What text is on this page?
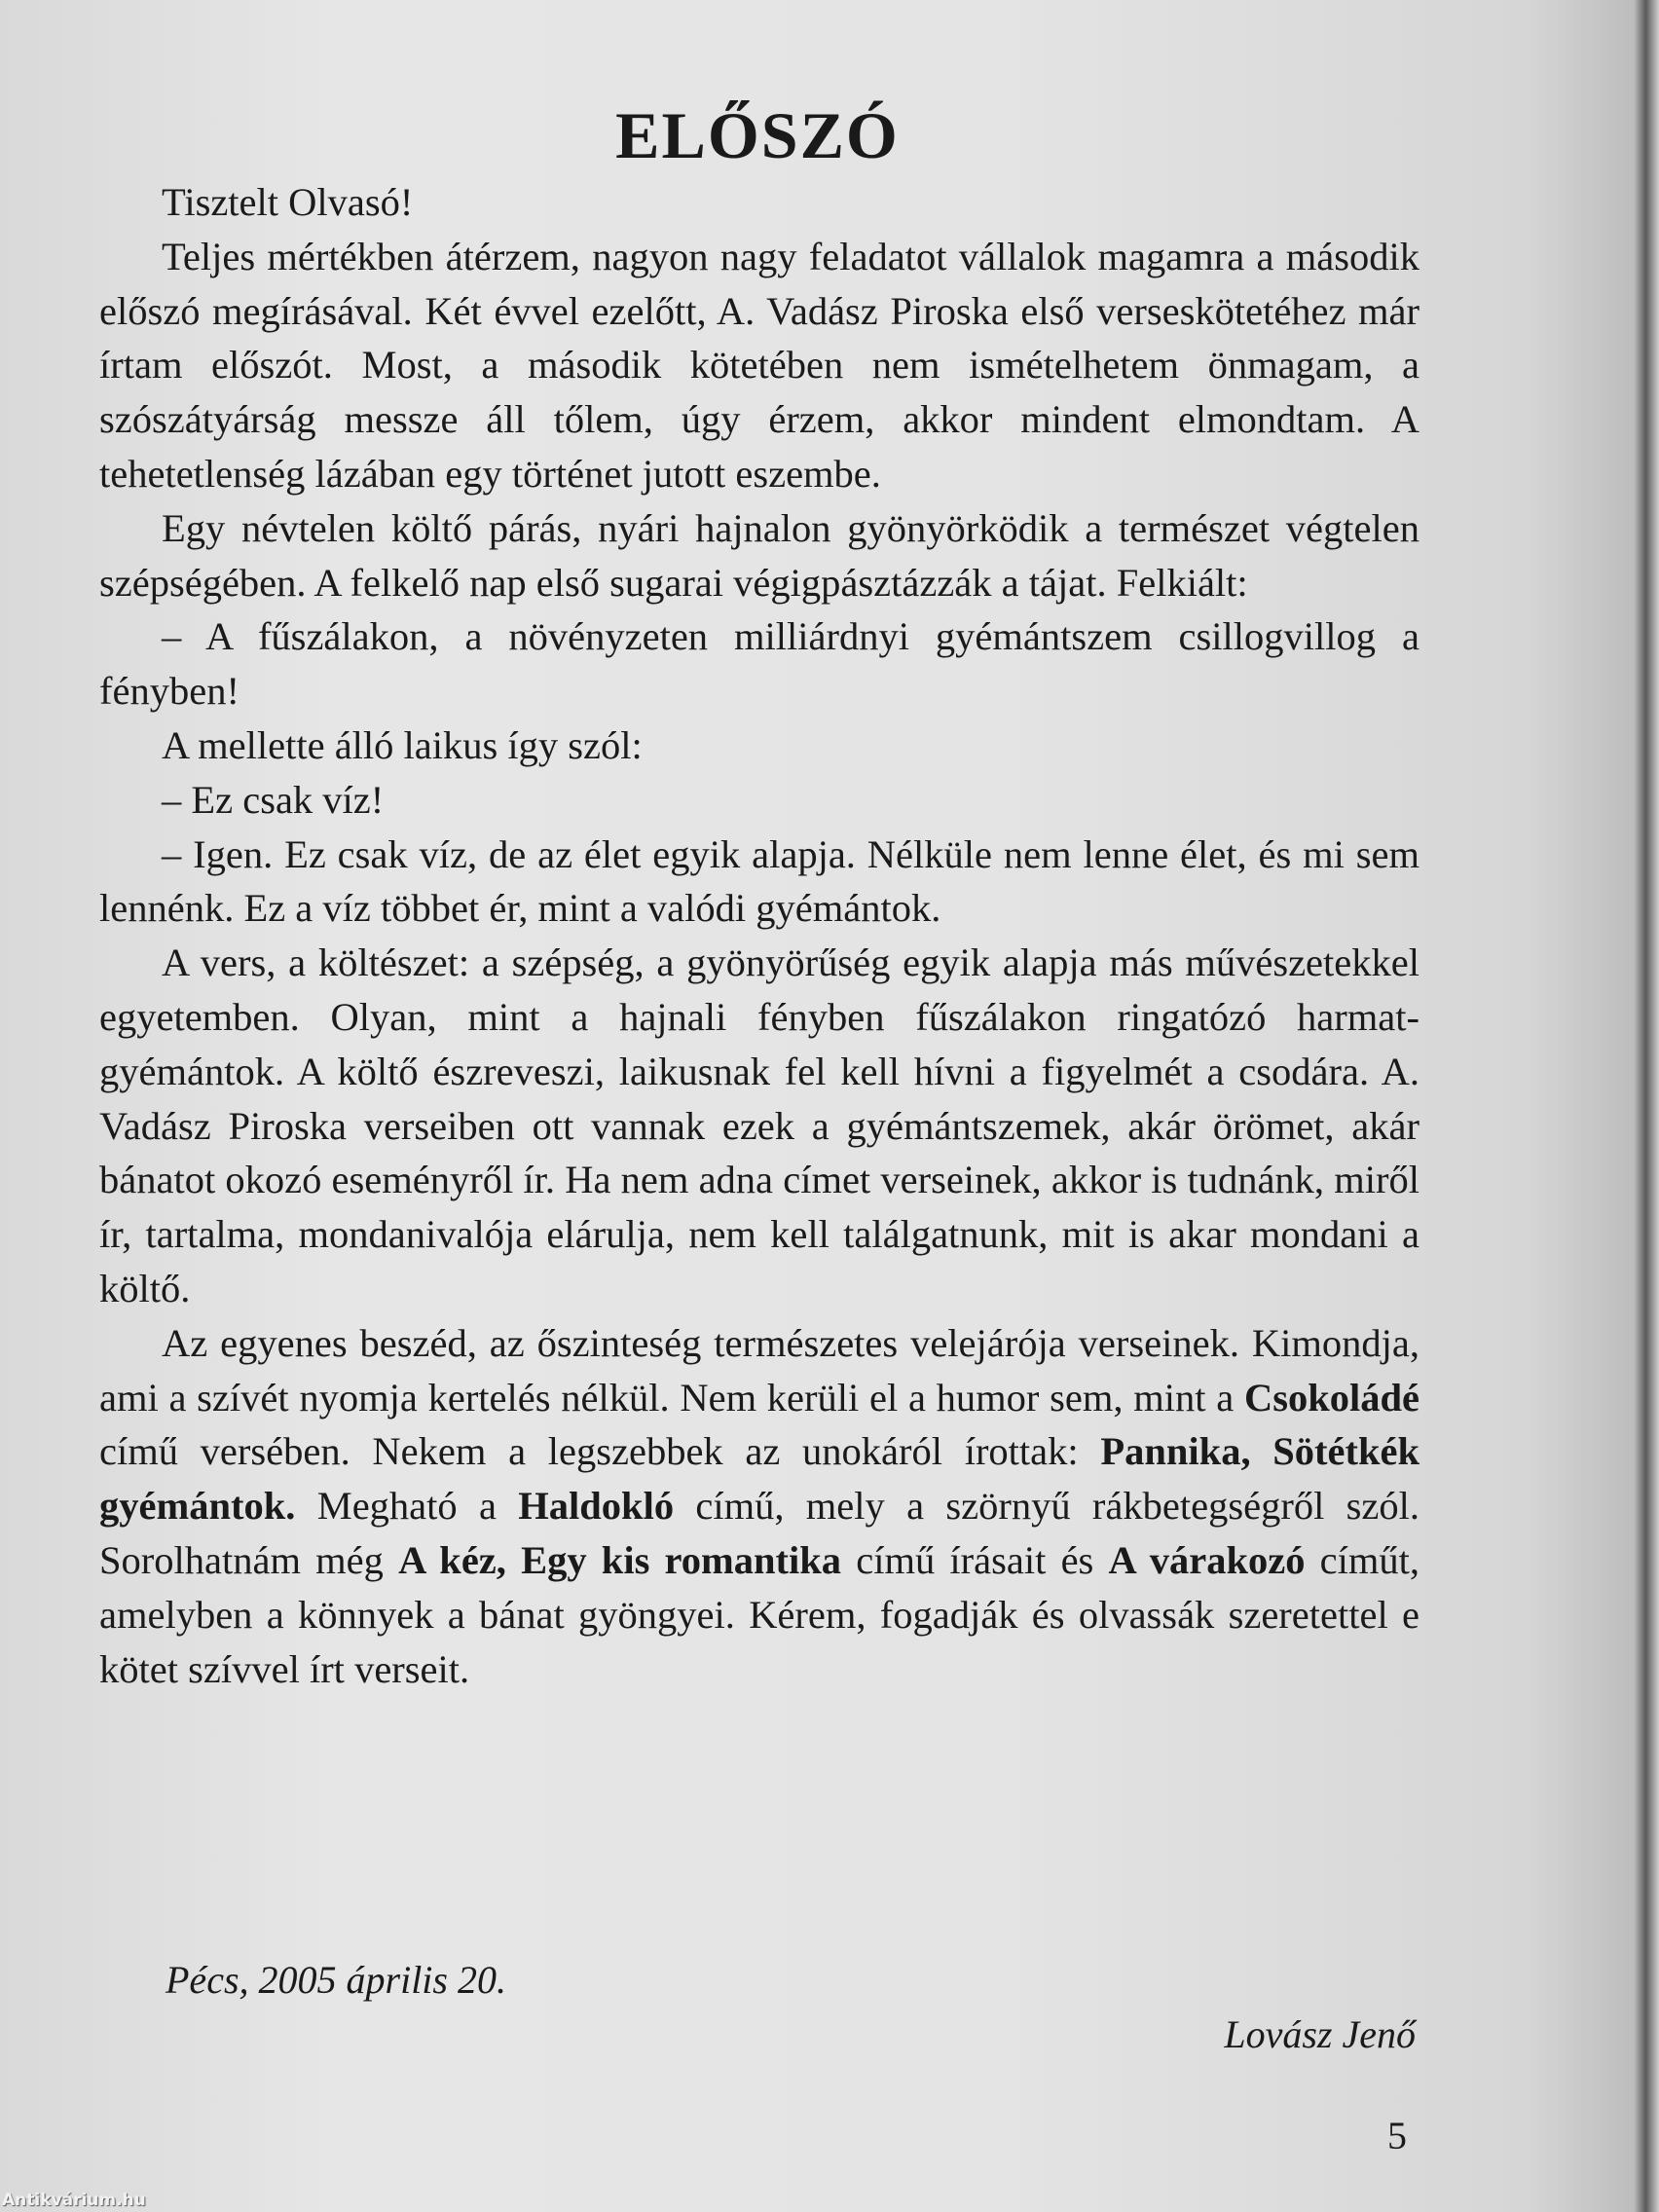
ELŐSZÓ

Tisztelt Olvasó!

Teljes mértékben átérzem, nagyon nagy feladatot vállalok magamra a második előszó megírásával. Két évvel ezelőtt, A. Vadász Piroska első verseskötetéhez már írtam előszót. Most, a második kötetében nem ismételhetem önmagam, a szószátyárság messze áll tőlem, úgy érzem, akkor mindent elmondtam. A tehetetlenség lázában egy történet jutott eszembe.

Egy névtelen költő párás, nyári hajnalon gyönyörködik a természet végtelen szépségében. A felkelő nap első sugarai végigpásztázzák a tájat. Felkiált:

– A fűszálakon, a növényzeten milliárdnyi gyémántszem csillogvillog a fényben!

A mellette álló laikus így szól:

– Ez csak víz!

– Igen. Ez csak víz, de az élet egyik alapja. Nélküle nem lenne élet, és mi sem lennénk. Ez a víz többet ér, mint a valódi gyémántok.

A vers, a költészet: a szépség, a gyönyörűség egyik alapja más művészetekkel egyetemben. Olyan, mint a hajnali fényben fűszálakon ringatózó harmat-gyémántok. A költő észreveszi, laikusnak fel kell hívni a figyelmét a csodára. A. Vadász Piroska verseiben ott vannak ezek a gyémántszemek, akár örömet, akár bánatot okozó eseményről ír. Ha nem adna címet verseinek, akkor is tudnánk, miről ír, tartalma, mondanivalója elárulja, nem kell találgatnunk, mit is akar mondani a költő.

Az egyenes beszéd, az őszinteség természetes velejárója verseinek. Kimondja, ami a szívét nyomja kertelés nélkül. Nem kerüli el a humor sem, mint a Csokoládé című versében. Nekem a legszebbek az unokáról írottak: Pannika, Sötétkék gyémántok. Megható a Haldokló című, mely a szörnyű rákbetegségről szól. Sorolhatnám még A kéz, Egy kis romantika című írásait és A várakozó címűt, amelyben a könnyek a bánat gyöngyei. Kérem, fogadják és olvassák szeretettel e kötet szívvel írt verseit.

Pécs, 2005 április 20.
Lovász Jenő
5
Antikvárium.hu
